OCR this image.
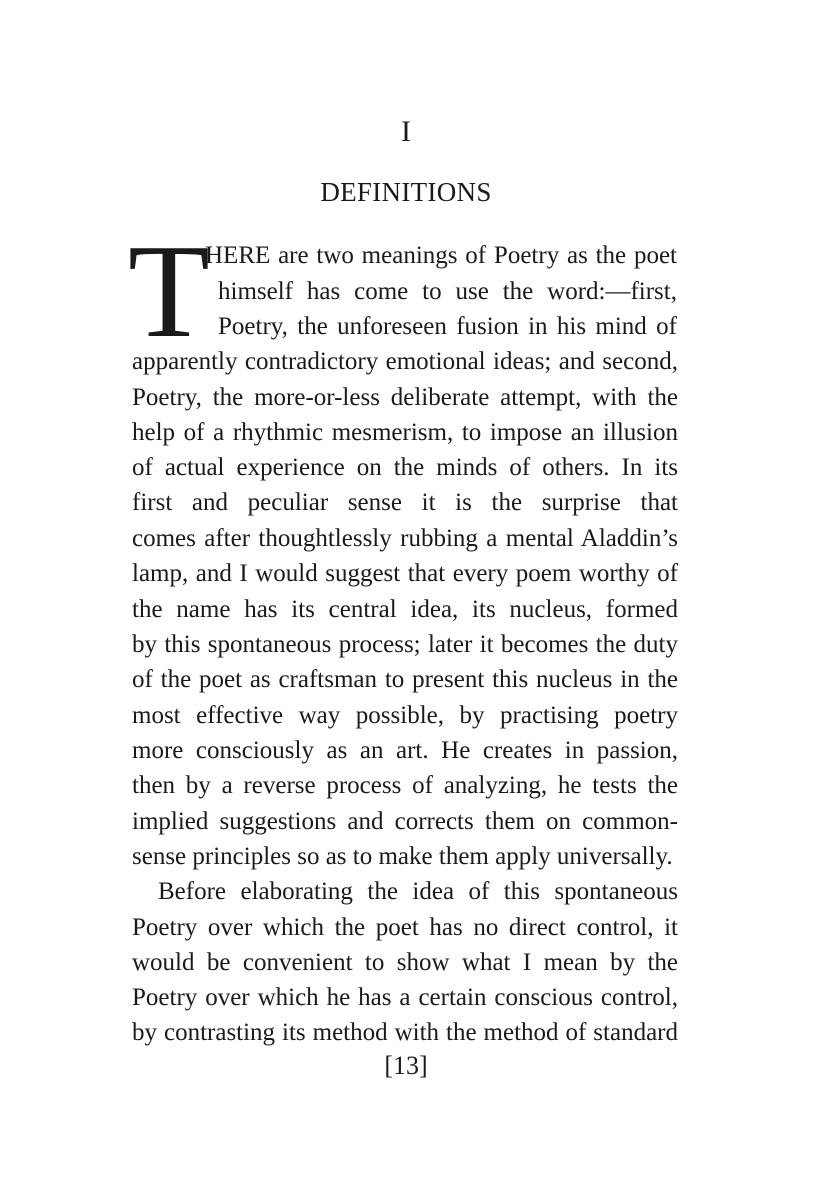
I
DEFINITIONS
T
HERE are two meanings of Poetry as the poet
himself has come to use the word:—first,
Poetry, the unforeseen fusion in his mind of
apparently contradictory emotional ideas; and second,
Poetry, the more-or-less deliberate attempt, with the
help of a rhythmic mesmerism, to impose an illusion
of actual experience on the minds of others. In its
first and peculiar sense it is the surprise that
comes after thoughtlessly rubbing a mental Aladdin’s
lamp, and I would suggest that every poem worthy of
the name has its central idea, its nucleus, formed
by this spontaneous process; later it becomes the duty
of the poet as craftsman to present this nucleus in the
most effective way possible, by practising poetry
more consciously as an art. He creates in passion,
then by a reverse process of analyzing, he tests the
implied suggestions and corrects them on common-
sense principles so as to make them apply universally.
Before elaborating the idea of this spontaneous
Poetry over which the poet has no direct control, it
would be convenient to show what I mean by the
Poetry over which he has a certain conscious control,
by contrasting its method with the method of standard
[13]
